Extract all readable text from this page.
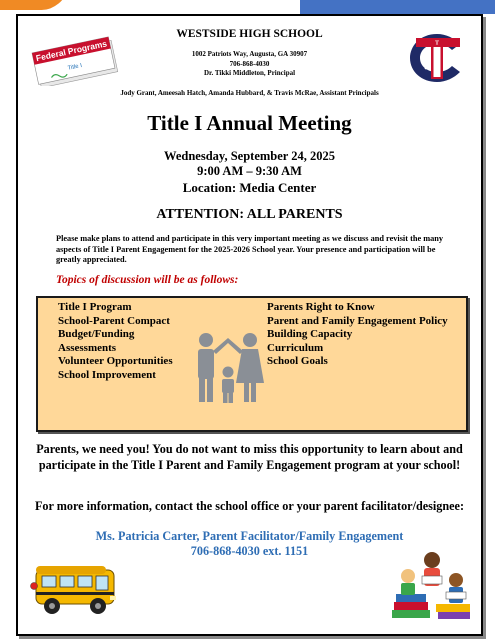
Federal Programs
Title I
T
WESTSIDE HIGH SCHOOL
1002 Patriots Way, Augusta, GA 30907
706-868-4030
Dr. Tikki Middleton, Principal
Jody Grant, Ameesah Hatch, Amanda Hubbard, & Travis McRae, Assistant Principals
Title I Annual Meeting
Wednesday, September 24, 2025
9:00 AM – 9:30 AM
Location: Media Center
ATTENTION: ALL PARENTS
Please make plans to attend and participate in this very important meeting as we discuss and revisit the many aspects of Title I Parent Engagement for the 2025-2026 School year. Your presence and participation will be greatly appreciated.
Topics of discussion will be as follows:
Title I Program
School-Parent Compact
Budget/Funding
Assessments
Volunteer Opportunities
School Improvement
Parents Right to Know
Parent and Family Engagement Policy
Building Capacity
Curriculum
School Goals
Parents, we need you! You do not want to miss this opportunity to learn about and participate in the Title I Parent and Family Engagement program at your school!
For more information, contact the school office or your parent facilitator/designee:
Ms. Patricia Carter, Parent Facilitator/Family Engagement
706-868-4030 ext. 1151
